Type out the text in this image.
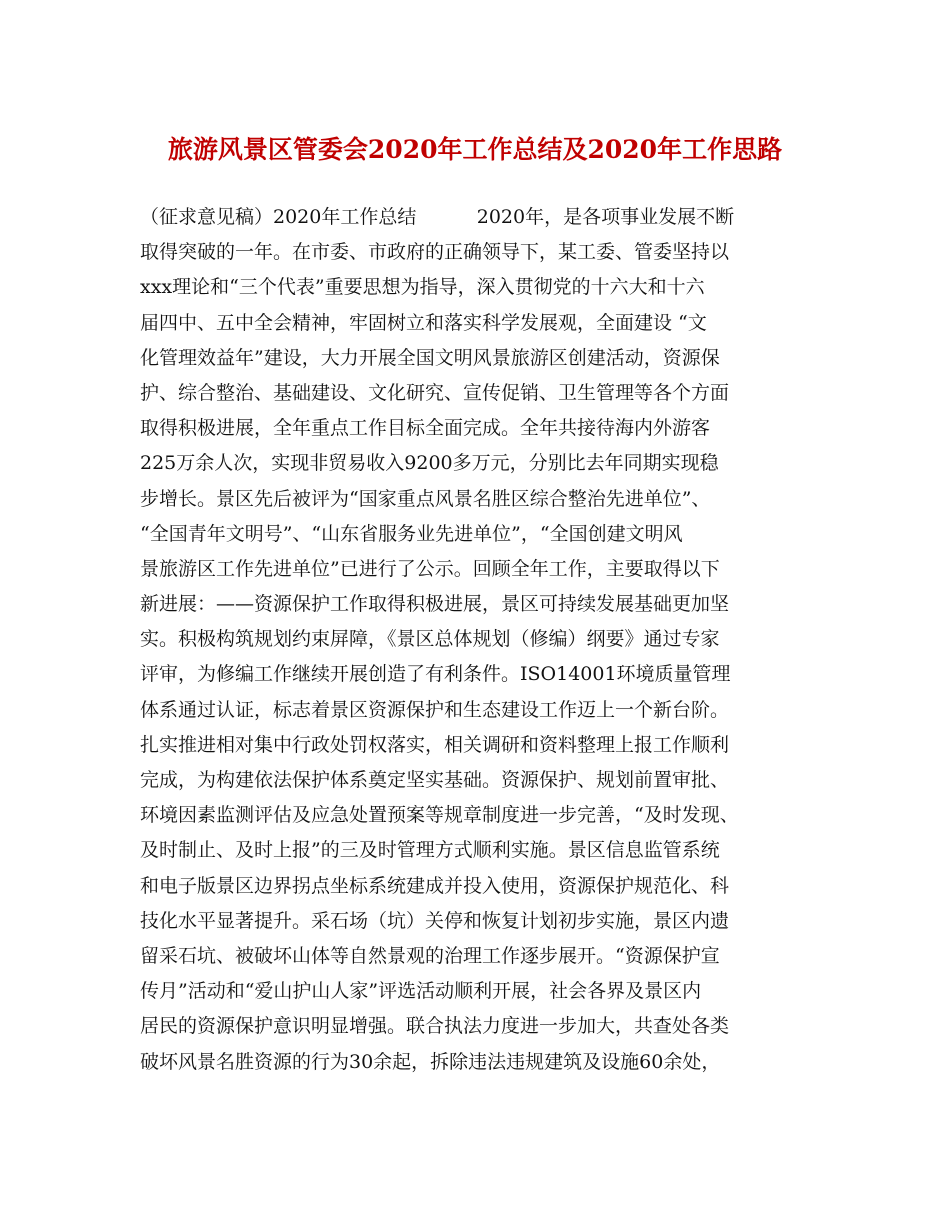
旅游风景区管委会2020年工作总结及2020年工作思路
（征求意见稿）2020年工作总结          2020年，是各项事业发展不断
取得突破的一年。在市委、市政府的正确领导下，某工委、管委坚持以
xxx理论和“三个代表”重要思想为指导，深入贯彻党的十六大和十六
届四中、五中全会精神，牢固树立和落实科学发展观，全面建设 “文
化管理效益年”建设，大力开展全国文明风景旅游区创建活动，资源保
护、综合整治、基础建设、文化研究、宣传促销、卫生管理等各个方面
取得积极进展，全年重点工作目标全面完成。全年共接待海内外游客
225万余人次，实现非贸易收入9200多万元，分别比去年同期实现稳
步增长。景区先后被评为“国家重点风景名胜区综合整治先进单位”、
“全国青年文明号”、“山东省服务业先进单位”，“全国创建文明风
景旅游区工作先进单位”已进行了公示。回顾全年工作，主要取得以下
新进展：——资源保护工作取得积极进展，景区可持续发展基础更加坚
实。积极构筑规划约束屏障，《景区总体规划（修编）纲要》通过专家
评审，为修编工作继续开展创造了有利条件。ISO14001环境质量管理
体系通过认证，标志着景区资源保护和生态建设工作迈上一个新台阶。
扎实推进相对集中行政处罚权落实，相关调研和资料整理上报工作顺利
完成，为构建依法保护体系奠定坚实基础。资源保护、规划前置审批、
环境因素监测评估及应急处置预案等规章制度进一步完善，“及时发现、
及时制止、及时上报”的三及时管理方式顺利实施。景区信息监管系统
和电子版景区边界拐点坐标系统建成并投入使用，资源保护规范化、科
技化水平显著提升。采石场（坑）关停和恢复计划初步实施，景区内遗
留采石坑、被破坏山体等自然景观的治理工作逐步展开。“资源保护宣
传月”活动和“爱山护山人家”评选活动顺利开展，社会各界及景区内
居民的资源保护意识明显增强。联合执法力度进一步加大，共查处各类
破坏风景名胜资源的行为30余起，拆除违法违规建筑及设施60余处，
